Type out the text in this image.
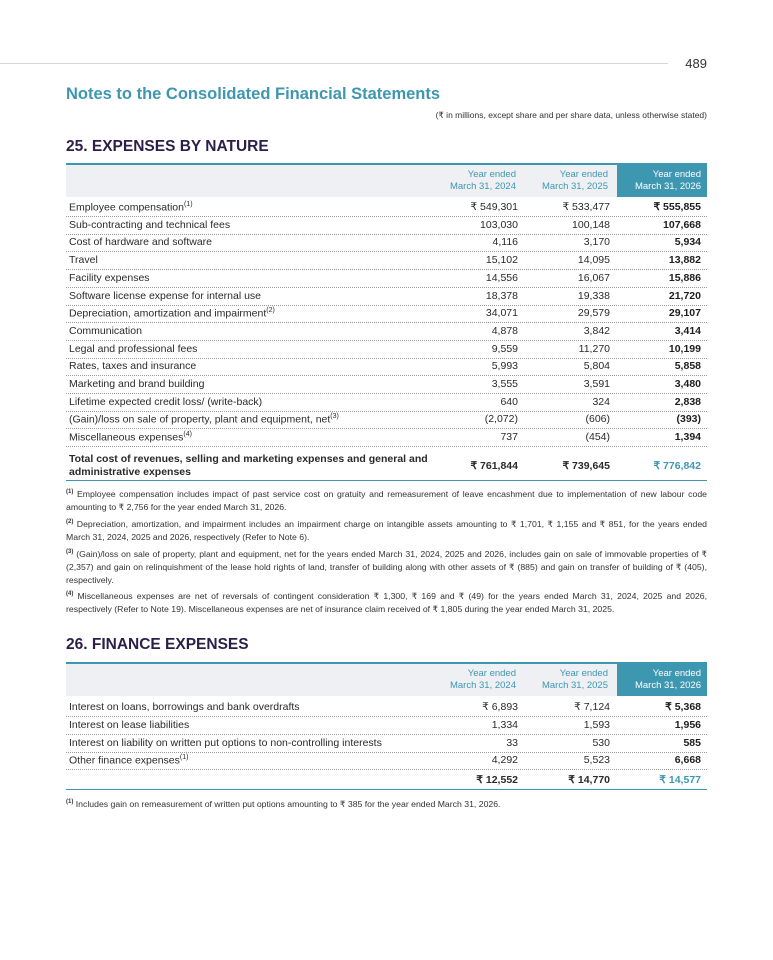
489
Notes to the Consolidated Financial Statements
(₹ in millions, except share and per share data, unless otherwise stated)
25. EXPENSES BY NATURE
Year ended
March 31, 2024
Year ended
March 31, 2025
Year ended
March 31, 2026
Employee compensation$^{(1)}$	₹ 549,301	₹ 533,477	₹ 555,855
Sub-contracting and technical fees	103,030	100,148	107,668
Cost of hardware and software	4,116	3,170	5,934
Travel	15,102	14,095	13,882
Facility expenses	14,556	16,067	15,886
Software license expense for internal use	18,378	19,338	21,720
Depreciation, amortization and impairment$^{(2)}$	34,071	29,579	29,107
Communication	4,878	3,842	3,414
Legal and professional fees	9,559	11,270	10,199
Rates, taxes and insurance	5,993	5,804	5,858
Marketing and brand building	3,555	3,591	3,480
Lifetime expected credit loss/ (write-back)	640	324	2,838
(Gain)/loss on sale of property, plant and equipment, net$^{(3)}$	(2,072)	(606)	(393)
Miscellaneous expenses$^{(4)}$	737	(454)	1,394
Total cost of revenues, selling and marketing expenses and general and administrative expenses	₹ 761,844	₹ 739,645	₹ 776,842
$^{(1)}$ Employee compensation includes impact of past service cost on gratuity and remeasurement of leave encashment due to implementation of new labour code amounting to ₹ 2,756 for the year ended March 31, 2026.
$^{(2)}$ Depreciation, amortization, and impairment includes an impairment charge on intangible assets amounting to ₹ 1,701, ₹ 1,155 and ₹ 851, for the years ended March 31, 2024, 2025 and 2026, respectively (Refer to Note 6).
$^{(3)}$ (Gain)/loss on sale of property, plant and equipment, net for the years ended March 31, 2024, 2025 and 2026, includes gain on sale of immovable properties of ₹ (2,357) and gain on relinquishment of the lease hold rights of land, transfer of building along with other assets of ₹ (885) and gain on transfer of building of ₹ (405), respectively.
$^{(4)}$ Miscellaneous expenses are net of reversals of contingent consideration ₹ 1,300, ₹ 169 and ₹ (49) for the years ended March 31, 2024, 2025 and 2026, respectively (Refer to Note 19). Miscellaneous expenses are net of insurance claim received of ₹ 1,805 during the year ended March 31, 2025.
26. FINANCE EXPENSES
Year ended
March 31, 2024
Year ended
March 31, 2025
Year ended
March 31, 2026
Interest on loans, borrowings and bank overdrafts	₹ 6,893	₹ 7,124	₹ 5,368
Interest on lease liabilities	1,334	1,593	1,956
Interest on liability on written put options to non-controlling interests	33	530	585
Other finance expenses$^{(1)}$	4,292	5,523	6,668
₹ 12,552	₹ 14,770	₹ 14,577
$^{(1)}$ Includes gain on remeasurement of written put options amounting to ₹ 385 for the year ended March 31, 2026.
